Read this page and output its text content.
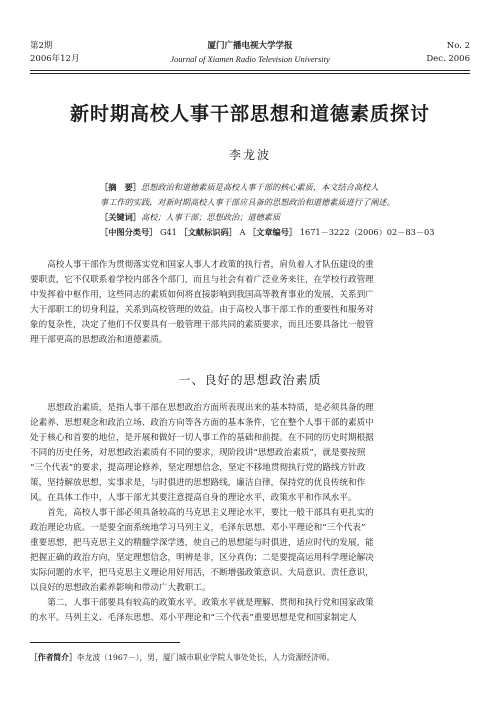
第2期
2006年12月
厦门广播电视大学学报
Journal of Xiamen Radio Television University
No. 2
Dec. 2006
新时期高校人事干部思想和道德素质探讨
李龙波
［摘　要］思想政治和道德素质是高校人事干部的核心素质，本文结合高校人
事工作的实践，对新时期高校人事干部应具备的思想政治和道德素质进行了阐述。
［关键词］高校；人事干部；思想政治；道德素质
［中图分类号］ G41 ［文献标识码］ A ［文章编号］ 1671－3222（2006）02－83－03
　　高校人事干部作为贯彻落实党和国家人事人才政策的执行者，肩负着人才队伍建设的重
要职责，它不仅联系着学校内部各个部门，而且与社会有着广泛业务来往，在学校行政管理
中发挥着中枢作用，这些同志的素质如何将直接影响到我国高等教育事业的发展，关系到广
大干部职工的切身利益，关系到高校管理的效益。由于高校人事干部工作的重要性和服务对
象的复杂性，决定了他们不仅要具有一般管理干部共同的素质要求，而且还要具备比一般管
理干部更高的思想政治和道德素质。
一、良好的思想政治素质
　　思想政治素质，是指人事干部在思想政治方面所表现出来的基本特质，是必须具备的理
论素养、思想观念和政治立场、政治方向等各方面的基本条件，它在整个人事干部的素质中
处于核心和首要的地位，是开展和做好一切人事工作的基础和前提。在不同的历史时期根据
不同的历史任务，对思想政治素质有不同的要求，现阶段讲“思想政治素质”，就是要按照
“三个代表”的要求，提高理论修养，坚定理想信念，坚定不移地贯彻执行党的路线方针政
策，坚持解放思想，实事求是，与时俱进的思想路线，廉洁自律，保持党的优良传统和作
风。在具体工作中，人事干部尤其要注意提高自身的理论水平，政策水平和作风水平。
　　首先，高校人事干部必须具备较高的马克思主义理论水平，要比一般干部具有更扎实的
政治理论功底。一是要全面系统地学习马列主义，毛泽东思想、邓小平理论和“三个代表”
重要思想，把马克思主义的精髓学深学透，使自己的思想能与时俱进，适应时代的发展，能
把握正确的政治方向，坚定理想信念，明辨是非，区分真伪；二是要提高运用科学理论解决
实际问题的水平，把马克思主义理论用好用活，不断增强政策意识、大局意识、责任意识，
以良好的思想政治素养影响和带动广大教职工。
　　第二，人事干部要具有较高的政策水平。政策水平就是理解、贯彻和执行党和国家政策
的水平。马列主义、毛泽东思想、邓小平理论和“三个代表”重要思想是党和国家制定人
［作者简介］李龙波（1967－），男，厦门城市职业学院人事处处长，人力资源经济师。
